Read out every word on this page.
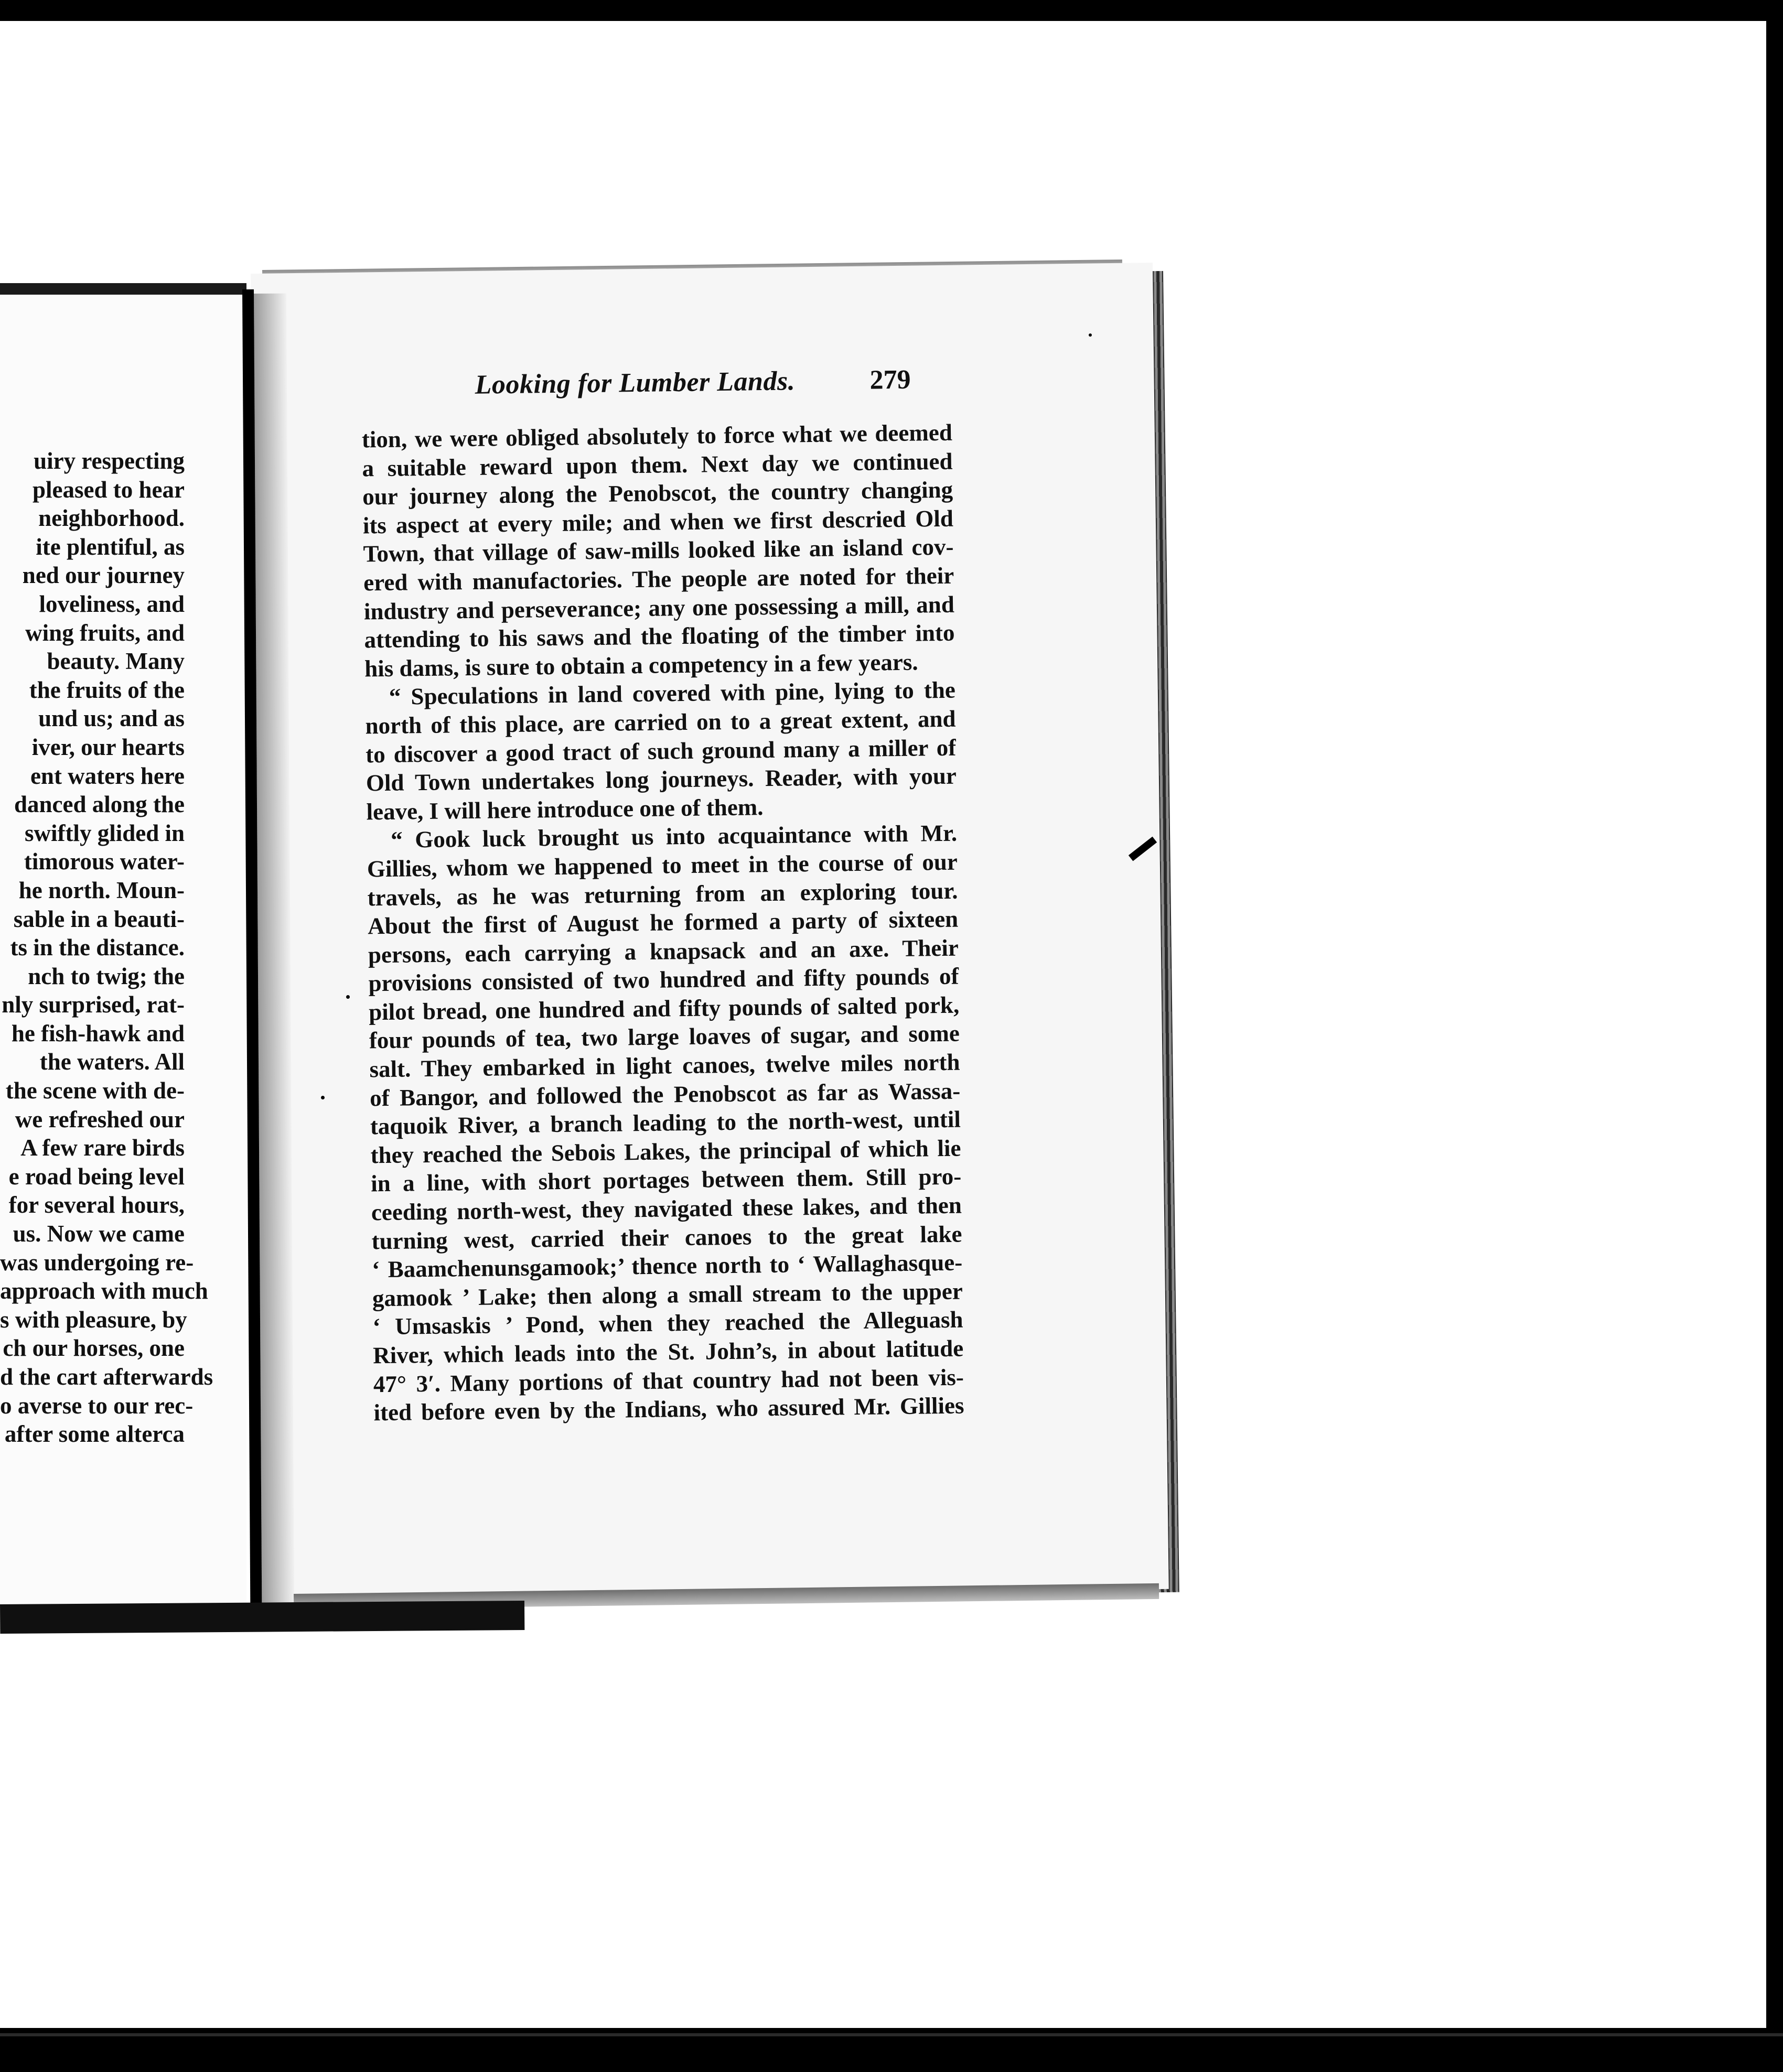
uiry respecting
pleased to hear
neighborhood.
ite plentiful, as
ned our journey
loveliness, and
wing fruits, and
beauty. Many
the fruits of the
und us; and as
iver, our hearts
ent waters here
danced along the
swiftly glided in
timorous water-
he north. Moun-
sable in a beauti-
ts in the distance.
nch to twig; the
nly surprised, rat-
he fish-hawk and
the waters. All
the scene with de-
we refreshed our
A few rare birds
e road being level
for several hours,
us. Now we came
was undergoing re-
approach with much
s with pleasure, by
ch our horses, one
d the cart afterwards
o averse to our rec-
after some alterca
Looking for Lumber Lands.	279
tion, we were obliged absolutely to force what we deemed
a suitable reward upon them. Next day we continued
our journey along the Penobscot, the country changing
its aspect at every mile; and when we first descried Old
Town, that village of saw-mills looked like an island cov-
ered with manufactories. The people are noted for their
industry and perseverance; any one possessing a mill, and
attending to his saws and the floating of the timber into
his dams, is sure to obtain a competency in a few years.
“ Speculations in land covered with pine, lying to the
north of this place, are carried on to a great extent, and
to discover a good tract of such ground many a miller of
Old Town undertakes long journeys. Reader, with your
leave, I will here introduce one of them.
“ Gook luck brought us into acquaintance with Mr.
Gillies, whom we happened to meet in the course of our
travels, as he was returning from an exploring tour.
About the first of August he formed a party of sixteen
persons, each carrying a knapsack and an axe. Their
provisions consisted of two hundred and fifty pounds of
pilot bread, one hundred and fifty pounds of salted pork,
four pounds of tea, two large loaves of sugar, and some
salt. They embarked in light canoes, twelve miles north
of Bangor, and followed the Penobscot as far as Wassa-
taquoik River, a branch leading to the north-west, until
they reached the Sebois Lakes, the principal of which lie
in a line, with short portages between them. Still pro-
ceeding north-west, they navigated these lakes, and then
turning west, carried their canoes to the great lake
‘ Baamchenunsgamook;’ thence north to ‘ Wallaghasque-
gamook ’ Lake; then along a small stream to the upper
‘ Umsaskis ’ Pond, when they reached the Alleguash
River, which leads into the St. John’s, in about latitude
47° 3′. Many portions of that country had not been vis-
ited before even by the Indians, who assured Mr. Gillies
